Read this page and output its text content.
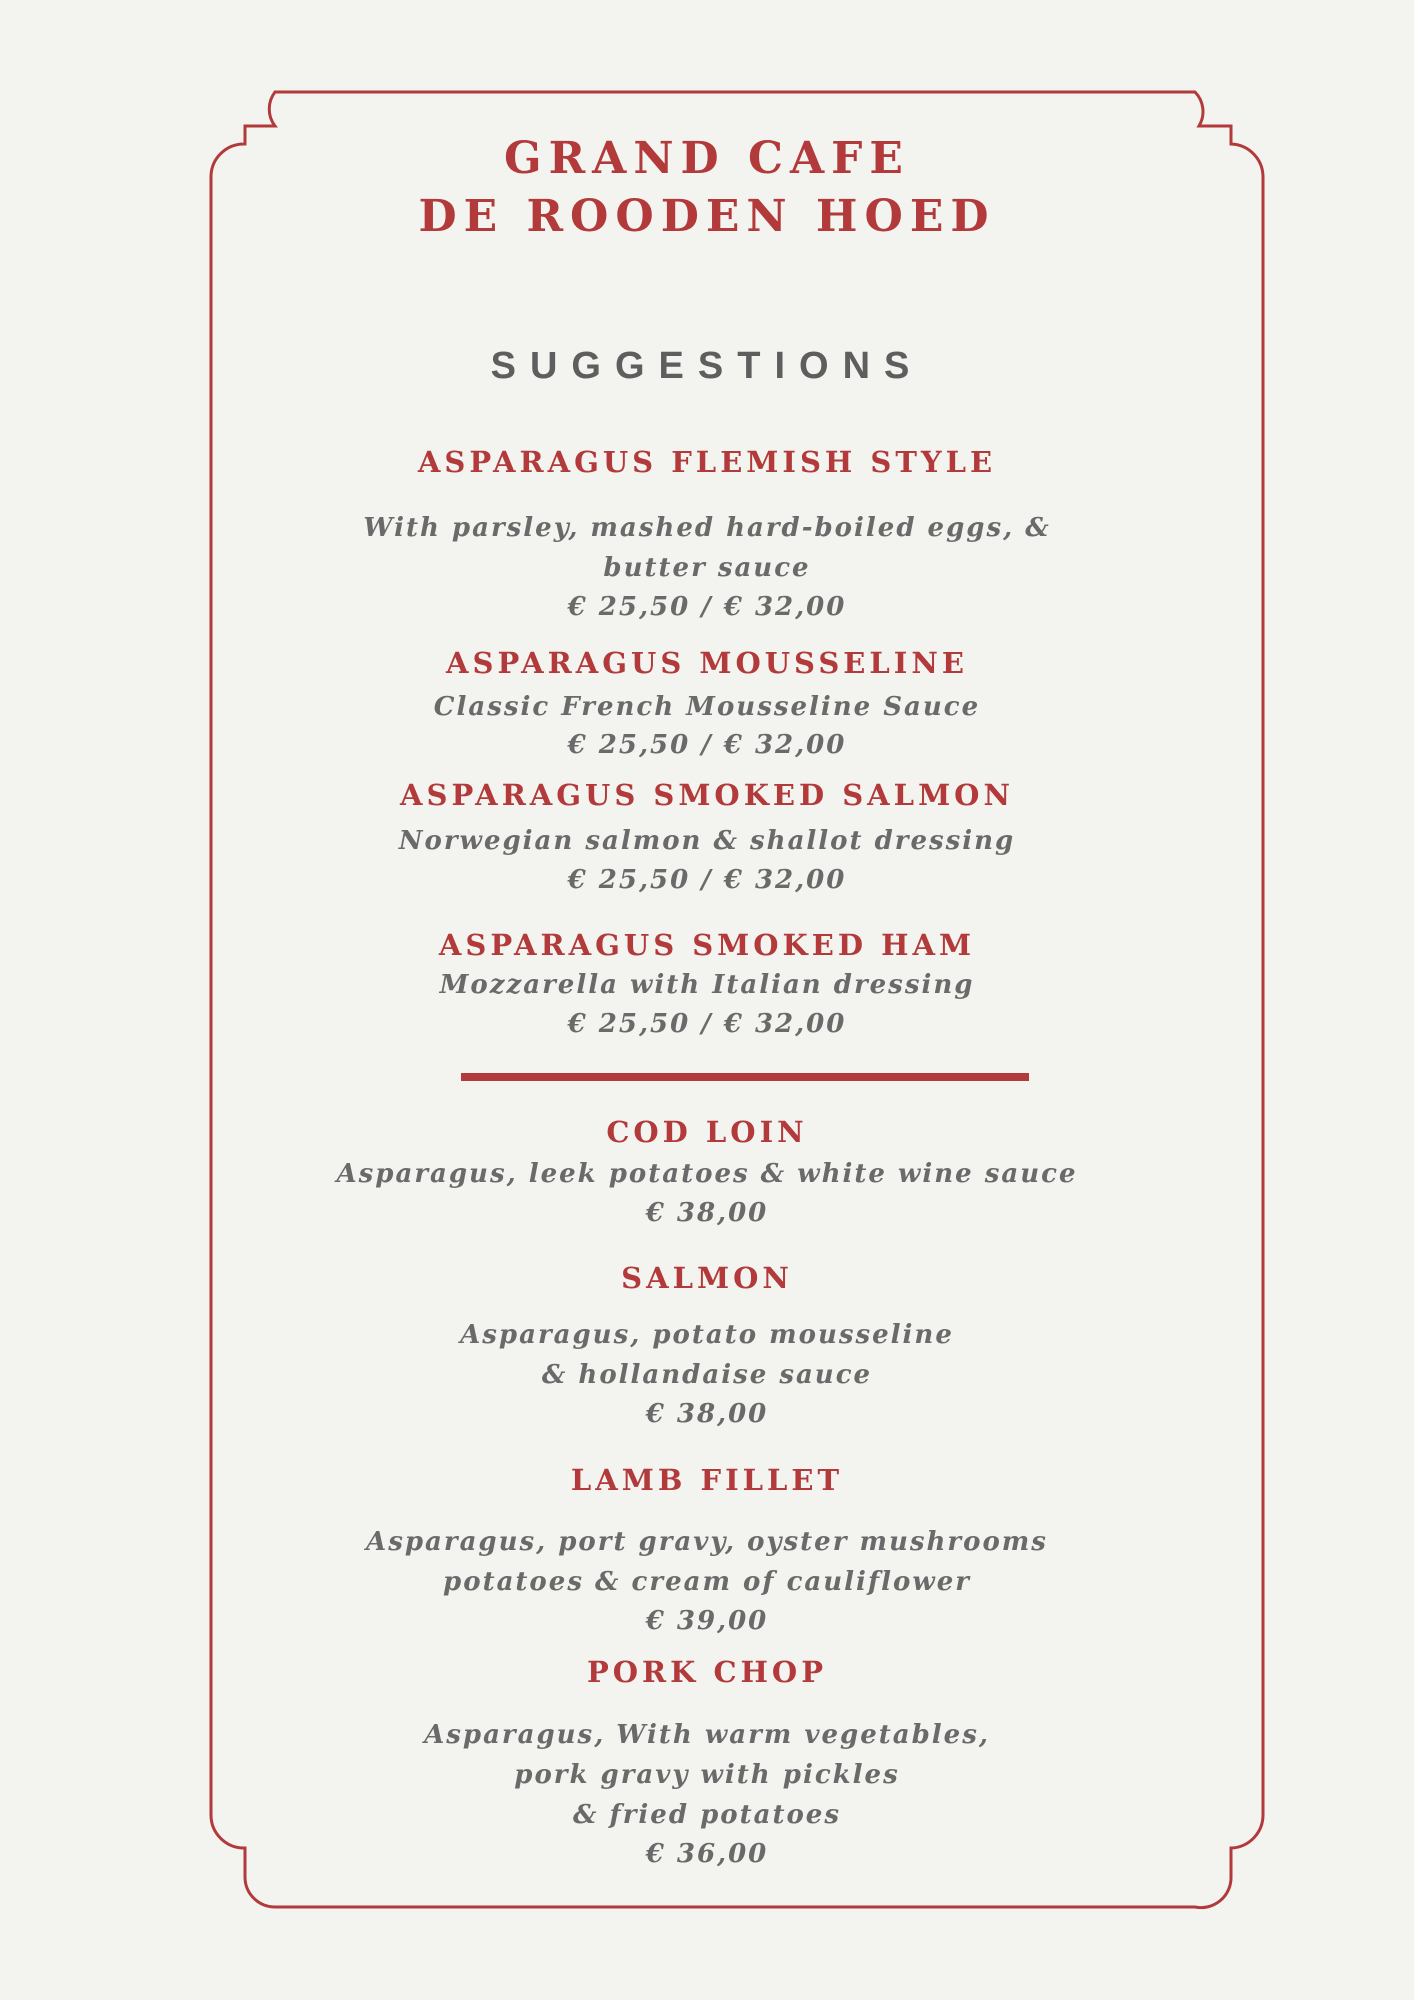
GRAND CAFE
DE ROODEN HOED
SUGGESTIONS
ASPARAGUS FLEMISH STYLE
With parsley, mashed hard-boiled eggs, &
butter sauce
€ 25,50 / € 32,00
ASPARAGUS MOUSSELINE
Classic French Mousseline Sauce
€ 25,50 / € 32,00
ASPARAGUS SMOKED SALMON
Norwegian salmon & shallot dressing
€ 25,50 / € 32,00
ASPARAGUS SMOKED HAM
Mozzarella with Italian dressing
€ 25,50 / € 32,00
COD LOIN
Asparagus, leek potatoes & white wine sauce
€ 38,00
SALMON
Asparagus, potato mousseline
& hollandaise sauce
€ 38,00
LAMB FILLET
Asparagus, port gravy, oyster mushrooms
potatoes & cream of cauliflower
€ 39,00
PORK CHOP
Asparagus, With warm vegetables,
pork gravy with pickles
& fried potatoes
€ 36,00
